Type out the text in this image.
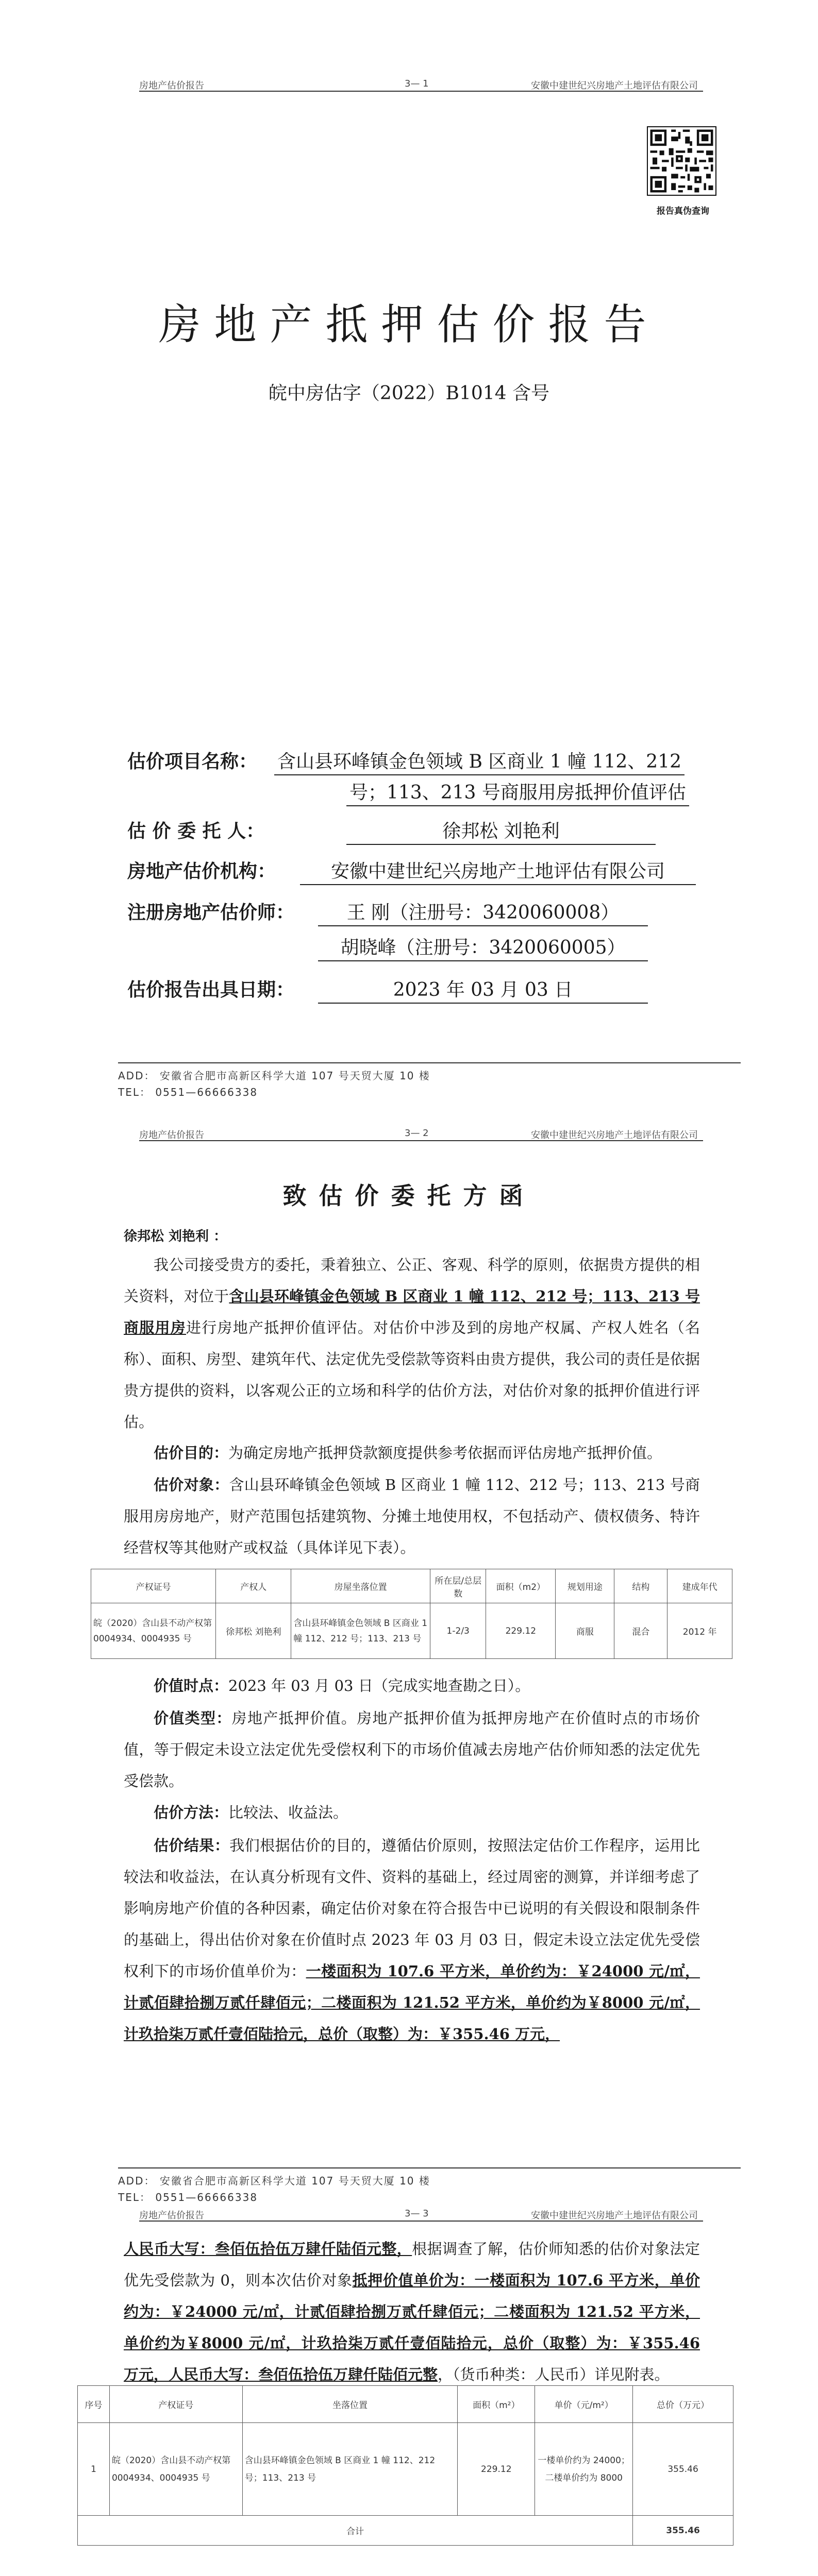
房地产估价报告	3— 1	安徽中建世纪兴房地产土地评估有限公司
报告真伪查询
房地产抵押估价报告
皖中房估字（2022）B1014 含号
估价项目名称： 含山县环峰镇金色领域 B 区商业 1 幢 112、212
号；113、213 号商服用房抵押价值评估
估 价 委 托 人：	徐邦松 刘艳利
房地产估价机构：	安徽中建世纪兴房地产土地评估有限公司
注册房地产估价师：	王 刚（注册号：3420060008）
胡晓峰（注册号：3420060005）
估价报告出具日期：	2023 年 03 月 03 日
ADD： 安徽省合肥市高新区科学大道 107 号天贸大厦 10 楼
TEL： 0551—66666338
房地产估价报告	3— 2	安徽中建世纪兴房地产土地评估有限公司
致估价委托方函
徐邦松 刘艳利 ：
我公司接受贵方的委托，秉着独立、公正、客观、科学的原则，依据贵方提供的相关资料，对位于含山县环峰镇金色领域 B 区商业 1 幢 112、212 号；113、213 号商服用房进行房地产抵押价值评估。对估价中涉及到的房地产权属、产权人姓名（名称）、面积、房型、建筑年代、法定优先受偿款等资料由贵方提供，我公司的责任是依据贵方提供的资料，以客观公正的立场和科学的估价方法，对估价对象的抵押价值进行评估。
估价目的：为确定房地产抵押贷款额度提供参考依据而评估房地产抵押价值。
估价对象：含山县环峰镇金色领域 B 区商业 1 幢 112、212 号；113、213 号商服用房房地产，财产范围包括建筑物、分摊土地使用权，不包括动产、债权债务、特许经营权等其他财产或权益（具体详见下表）。
产权证号	产权人	房屋坐落位置	所在层/总层数	面积（m2）	规划用途	结构	建成年代
皖（2020）含山县不动产权第 0004934、0004935 号	徐邦松 刘艳利	含山县环峰镇金色领域 B 区商业 1 幢 112、212 号；113、213 号	1-2/3	229.12	商服	混合	2012 年
价值时点：2023 年 03 月 03 日（完成实地查勘之日）。
价值类型：房地产抵押价值。房地产抵押价值为抵押房地产在价值时点的市场价值，等于假定未设立法定优先受偿权利下的市场价值减去房地产估价师知悉的法定优先受偿款。
估价方法：比较法、收益法。
估价结果：我们根据估价的目的，遵循估价原则，按照法定估价工作程序，运用比较法和收益法，在认真分析现有文件、资料的基础上，经过周密的测算，并详细考虑了影响房地产价值的各种因素，确定估价对象在符合报告中已说明的有关假设和限制条件的基础上，得出估价对象在价值时点 2023 年 03 月 03 日，假定未设立法定优先受偿权利下的市场价值单价为：一楼面积为 107.6 平方米，单价约为：￥24000 元/㎡，计贰佰肆拾捌万贰仟肆佰元；二楼面积为 121.52 平方米，单价约为￥8000 元/㎡，计玖拾柒万贰仟壹佰陆拾元，总价（取整）为：￥355.46 万元，
ADD： 安徽省合肥市高新区科学大道 107 号天贸大厦 10 楼
TEL： 0551—66666338
房地产估价报告	3— 3	安徽中建世纪兴房地产土地评估有限公司
人民币大写：叁佰伍拾伍万肆仟陆佰元整，根据调查了解，估价师知悉的估价对象法定优先受偿款为 0，则本次估价对象抵押价值单价为：一楼面积为 107.6 平方米，单价约为：￥24000 元/㎡，计贰佰肆拾捌万贰仟肆佰元；二楼面积为 121.52 平方米，单价约为￥8000 元/㎡，计玖拾柒万贰仟壹佰陆拾元，总价（取整）为：￥355.46 万元，人民币大写：叁佰伍拾伍万肆仟陆佰元整，（货币种类：人民币）详见附表。
序号	产权证号	坐落位置	面积（m²）	单价（元/m²）	总价（万元）
1	皖（2020）含山县不动产权第 0004934、0004935 号	含山县环峰镇金色领域 B 区商业 1 幢 112、212 号；113、213 号	229.12	一楼单价约为 24000；二楼单价约为 8000	355.46
合计					355.46
